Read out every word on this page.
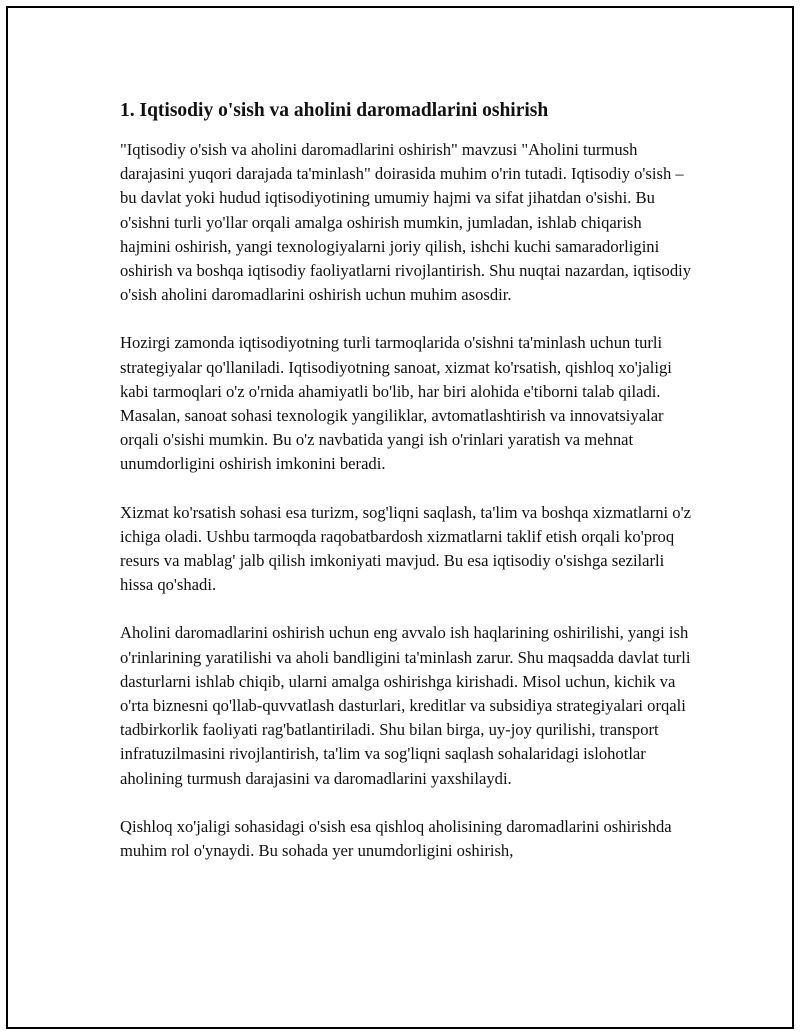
1. Iqtisodiy o'sish va aholini daromadlarini oshirish

"Iqtisodiy o'sish va aholini daromadlarini oshirish" mavzusi "Aholini turmush darajasini yuqori darajada ta'minlash" doirasida muhim o'rin tutadi. Iqtisodiy o'sish – bu davlat yoki hudud iqtisodiyotining umumiy hajmi va sifat jihatdan o'sishi. Bu o'sishni turli yo'llar orqali amalga oshirish mumkin, jumladan, ishlab chiqarish hajmini oshirish, yangi texnologiyalarni joriy qilish, ishchi kuchi samaradorligini oshirish va boshqa iqtisodiy faoliyatlarni rivojlantirish. Shu nuqtai nazardan, iqtisodiy o'sish aholini daromadlarini oshirish uchun muhim asosdir.

Hozirgi zamonda iqtisodiyotning turli tarmoqlarida o'sishni ta'minlash uchun turli strategiyalar qo'llaniladi. Iqtisodiyotning sanoat, xizmat ko'rsatish, qishloq xo'jaligi kabi tarmoqlari o'z o'rnida ahamiyatli bo'lib, har biri alohida e'tiborni talab qiladi. Masalan, sanoat sohasi texnologik yangiliklar, avtomatlashtirish va innovatsiyalar orqali o'sishi mumkin. Bu o'z navbatida yangi ish o'rinlari yaratish va mehnat unumdorligini oshirish imkonini beradi.

Xizmat ko'rsatish sohasi esa turizm, sog'liqni saqlash, ta'lim va boshqa xizmatlarni o'z ichiga oladi. Ushbu tarmoqda raqobatbardosh xizmatlarni taklif etish orqali ko'proq resurs va mablag' jalb qilish imkoniyati mavjud. Bu esa iqtisodiy o'sishga sezilarli hissa qo'shadi.

Aholini daromadlarini oshirish uchun eng avvalo ish haqlarining oshirilishi, yangi ish o'rinlarining yaratilishi va aholi bandligini ta'minlash zarur. Shu maqsadda davlat turli dasturlarni ishlab chiqib, ularni amalga oshirishga kirishadi. Misol uchun, kichik va o'rta biznesni qo'llab-quvvatlash dasturlari, kreditlar va subsidiya strategiyalari orqali tadbirkorlik faoliyati rag'batlantiriladi. Shu bilan birga, uy-joy qurilishi, transport infratuzilmasini rivojlantirish, ta'lim va sog'liqni saqlash sohalaridagi islohotlar aholining turmush darajasini va daromadlarini yaxshilaydi.

Qishloq xo'jaligi sohasidagi o'sish esa qishloq aholisining daromadlarini oshirishda muhim rol o'ynaydi. Bu sohada yer unumdorligini oshirish,
